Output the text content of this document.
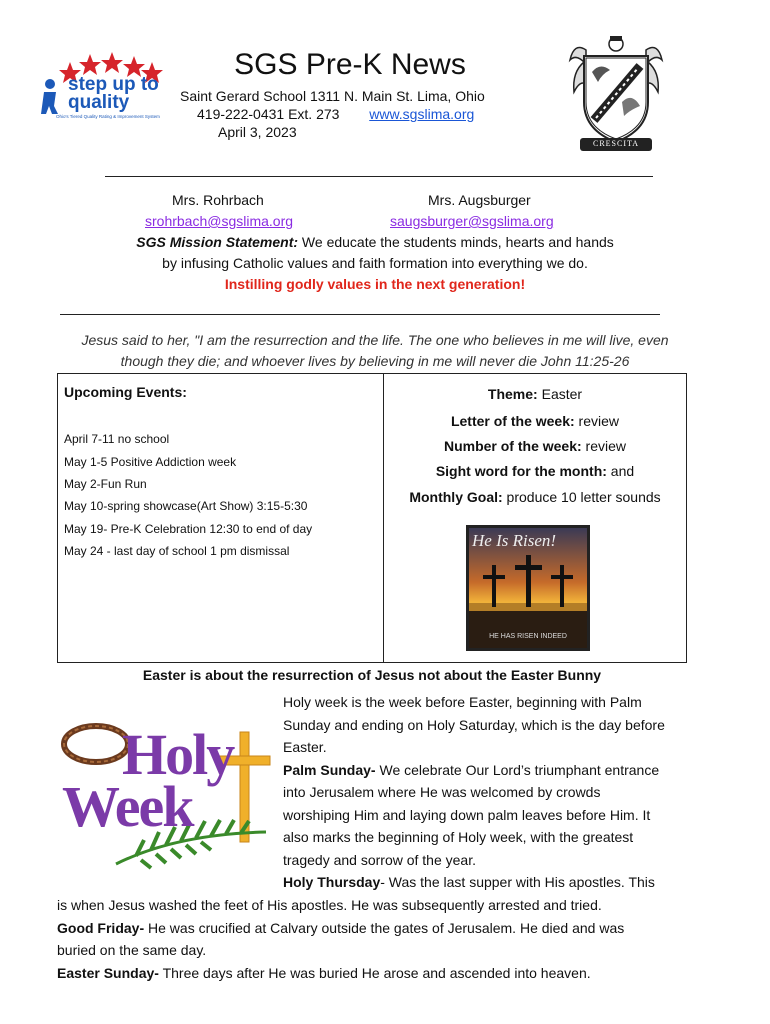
step up to quality
Ohio's Tiered Quality Rating & Improvement System
SGS Pre-K News
Saint Gerard School 1311 N. Main St. Lima, Ohio
419-222-0431 Ext. 273 www.sgslima.org
April 3, 2023
CRESCITA
Mrs. Rohrbach	Mrs. Augsburger
srohrbach@sgslima.org	saugsburger@sgslima.org
SGS Mission Statement: We educate the students minds, hearts and hands
by infusing Catholic values and faith formation into everything we do.
Instilling godly values in the next generation!
Jesus said to her, "I am the resurrection and the life. The one who believes in me will live, even
though they die; and whoever lives by believing in me will never die John 11:25-26
Upcoming Events:
April 7-11 no school
May 1-5 Positive Addiction week
May 2-Fun Run
May 10-spring showcase(Art Show) 3:15-5:30
May 19- Pre-K Celebration 12:30 to end of day
May 24 - last day of school 1 pm dismissal
Theme: Easter
Letter of the week: review
Number of the week: review
Sight word for the month: and
Monthly Goal: produce 10 letter sounds
He Is Risen!
HE HAS RISEN INDEED
Easter is about the resurrection of Jesus not about the Easter Bunny
Holy
Week
Holy week is the week before Easter, beginning with Palm
Sunday and ending on Holy Saturday, which is the day before
Easter.
Palm Sunday- We celebrate Our Lord’s triumphant entrance
into Jerusalem where He was welcomed by crowds
worshiping Him and laying down palm leaves before Him. It
also marks the beginning of Holy week, with the greatest
tragedy and sorrow of the year.
Holy Thursday- Was the last supper with His apostles. This
is when Jesus washed the feet of His apostles. He was subsequently arrested and tried.
Good Friday- He was crucified at Calvary outside the gates of Jerusalem. He died and was
buried on the same day.
Easter Sunday- Three days after He was buried He arose and ascended into heaven.
